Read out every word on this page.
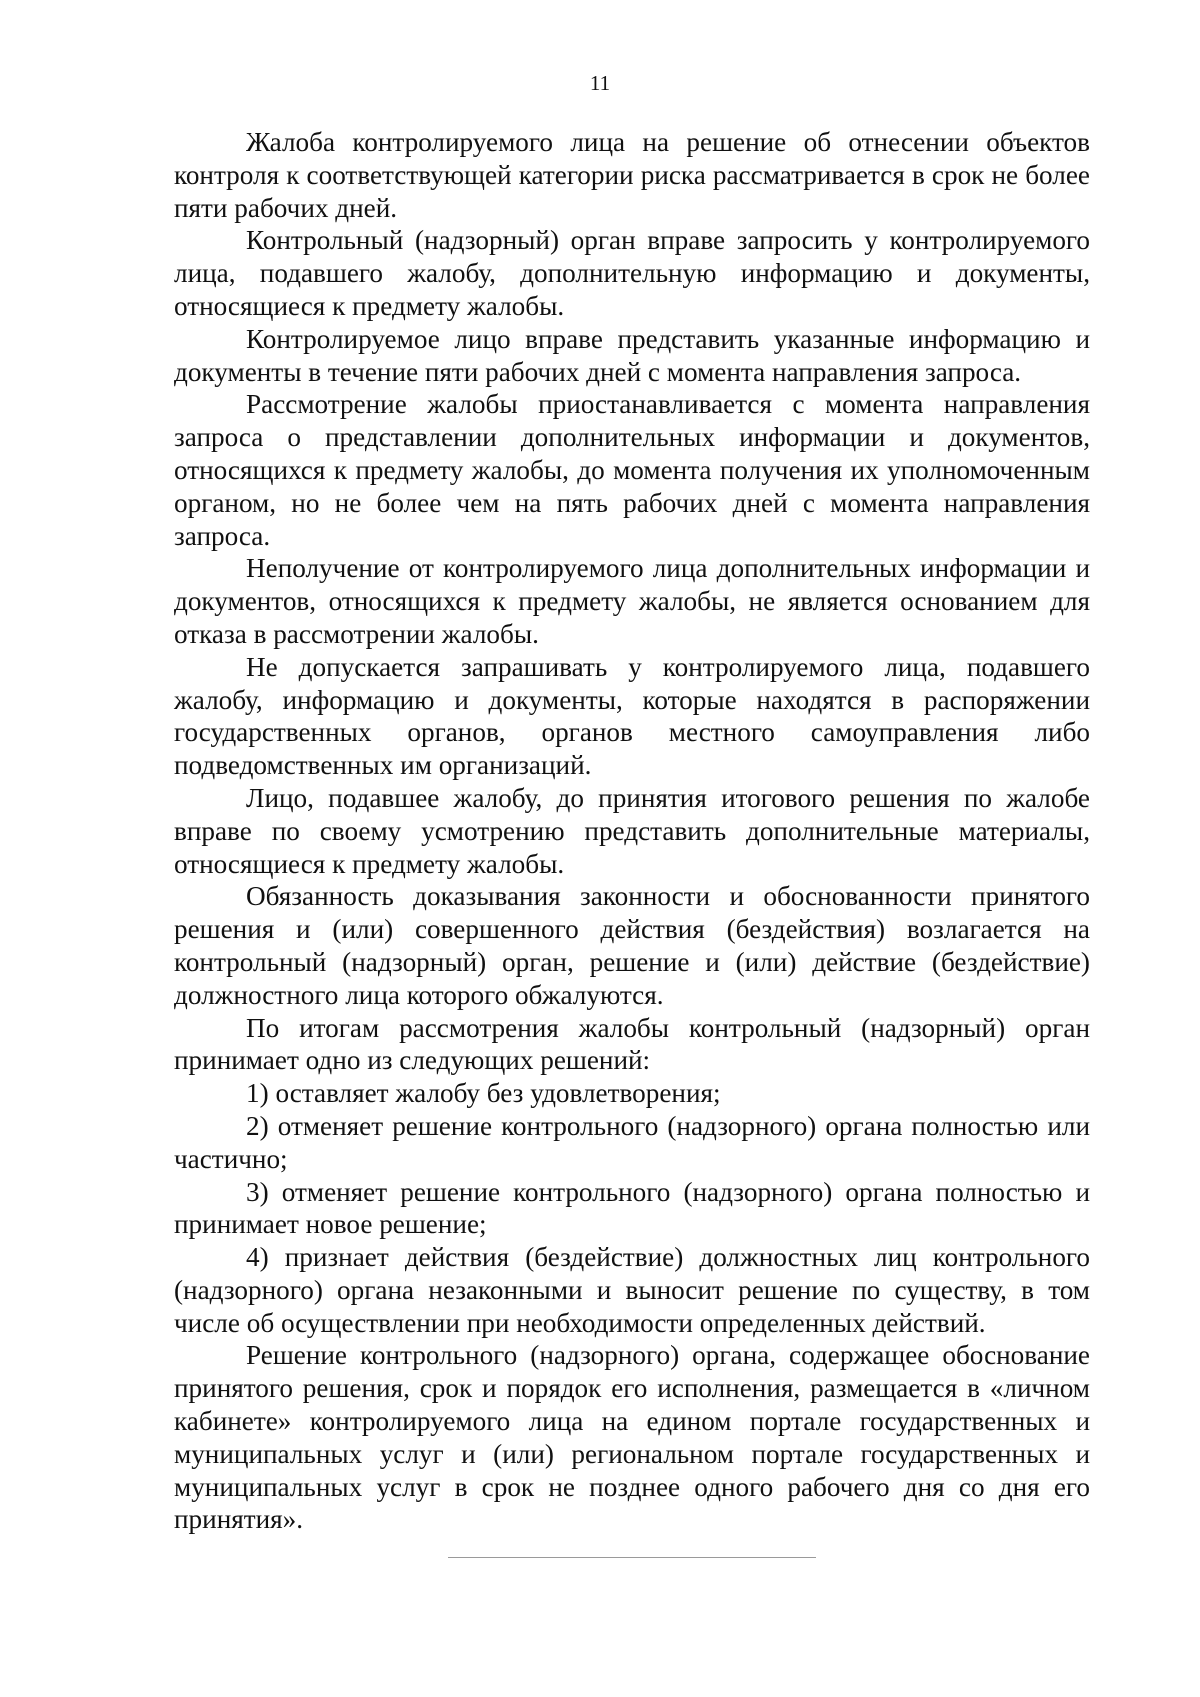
11

Жалоба контролируемого лица на решение об отнесении объектов контроля к соответствующей категории риска рассматривается в срок не более пяти рабочих дней.

Контрольный (надзорный) орган вправе запросить у контролируемого лица, подавшего жалобу, дополнительную информацию и документы, относящиеся к предмету жалобы.

Контролируемое лицо вправе представить указанные информацию и документы в течение пяти рабочих дней с момента направления запроса.

Рассмотрение жалобы приостанавливается с момента направления запроса о представлении дополнительных информации и документов, относящихся к предмету жалобы, до момента получения их уполномоченным органом, но не более чем на пять рабочих дней с момента направления запроса.

Неполучение от контролируемого лица дополнительных информации и документов, относящихся к предмету жалобы, не является основанием для отказа в рассмотрении жалобы.

Не допускается запрашивать у контролируемого лица, подавшего жалобу, информацию и документы, которые находятся в распоряжении государственных органов, органов местного самоуправления либо подведомственных им организаций.

Лицо, подавшее жалобу, до принятия итогового решения по жалобе вправе по своему усмотрению представить дополнительные материалы, относящиеся к предмету жалобы.

Обязанность доказывания законности и обоснованности принятого решения и (или) совершенного действия (бездействия) возлагается на контрольный (надзорный) орган, решение и (или) действие (бездействие) должностного лица которого обжалуются.

По итогам рассмотрения жалобы контрольный (надзорный) орган принимает одно из следующих решений:

1) оставляет жалобу без удовлетворения;

2) отменяет решение контрольного (надзорного) органа полностью или частично;

3) отменяет решение контрольного (надзорного) органа полностью и принимает новое решение;

4) признает действия (бездействие) должностных лиц контрольного (надзорного) органа незаконными и выносит решение по существу, в том числе об осуществлении при необходимости определенных действий.

Решение контрольного (надзорного) органа, содержащее обоснование принятого решения, срок и порядок его исполнения, размещается в «личном кабинете» контролируемого лица на едином портале государственных и муниципальных услуг и (или) региональном портале государственных и муниципальных услуг в срок не позднее одного рабочего дня со дня его принятия».
